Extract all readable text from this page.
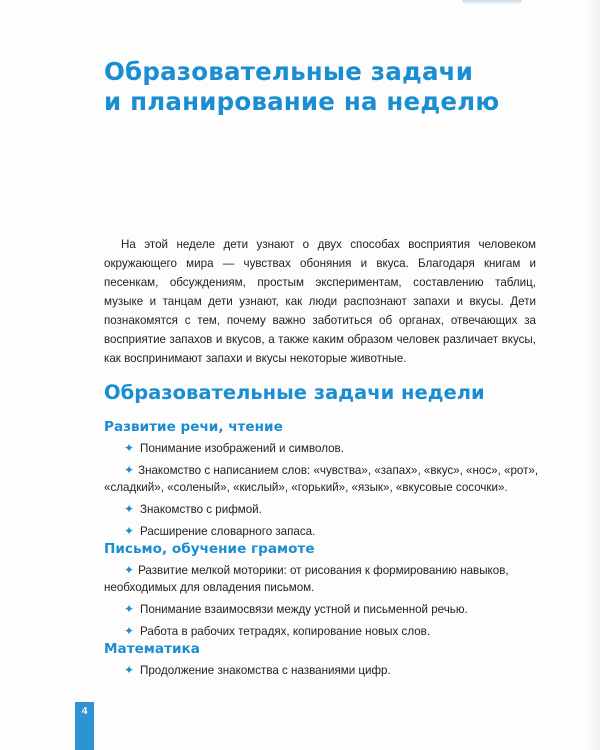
Образовательные задачи
и планирование на неделю

На этой неделе дети узнают о двух способах восприятия человеком окружающего мира — чувствах обоняния и вкуса. Благодаря книгам и песенкам, обсуждениям, простым экспериментам, составлению таблиц, музыке и танцам дети узнают, как люди распознают запахи и вкусы. Дети познакомятся с тем, почему важно заботиться об органах, отвечающих за восприятие запахов и вкусов, а также каким образом человек различает вкусы, как воспринимают запахи и вкусы некоторые животные.

Образовательные задачи недели
Развитие речи, чтение
✦ Понимание изображений и символов.
✦ Знакомство с написанием слов: «чувства», «запах», «вкус», «нос», «рот», «сладкий», «соленый», «кислый», «горький», «язык», «вкусовые сосочки».
✦ Знакомство с рифмой.
✦ Расширение словарного запаса.
Письмо, обучение грамоте
✦ Развитие мелкой моторики: от рисования к формированию навыков, необходимых для овладения письмом.
✦ Понимание взаимосвязи между устной и письменной речью.
✦ Работа в рабочих тетрадях, копирование новых слов.
Математика
✦ Продолжение знакомства с названиями цифр.
4
